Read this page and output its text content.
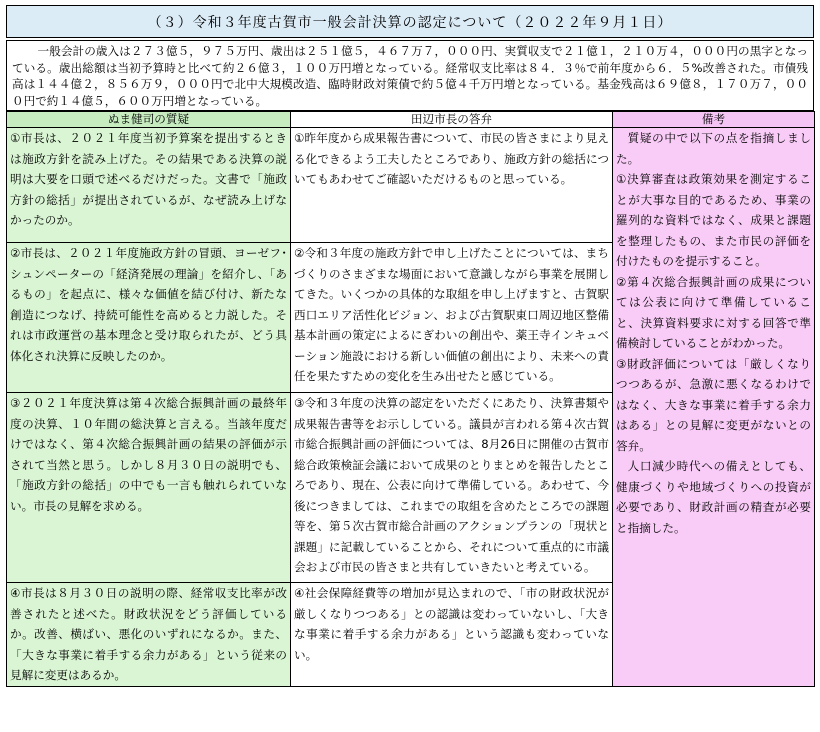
（３）令和３年度古賀市一般会計決算の認定について（２０２２年９月１日）
一般会計の歳入は２７３億５，９７５万円、歳出は２５１億５，４６７万７，０００円、実質収支で２１億１，２１０万４，０００円の黒字となっている。歳出総額は当初予算時と比べて約２６億３，１００万円増となっている。経常収支比率は８４．３％で前年度から６．５%改善された。市債残高は１４４億２，８５６万９，０００円で北中大規模改造、臨時財政対策債で約５億４千万円増となっている。基金残高は６９億８，１７０万７，０００円で約１４億５，６００万円増となっている。
ぬま健司の質疑	田辺市長の答弁	備考
①市長は、２０２１年度当初予算案を提出するときは施政方針を読み上げた。その結果である決算の説明は大要を口頭で述べるだけだった。文書で「施政方針の総括」が提出されているが、なぜ読み上げなかったのか。	①昨年度から成果報告書について、市民の皆さまにより見える化できるよう工夫したところであり、施政方針の総括についてもあわせてご確認いただけるものと思っている。	質疑の中で以下の点を指摘しました。

①決算審査は政策効果を測定することが大事な目的であるため、事業の羅列的な資料ではなく、成果と課題を整理したもの、また市民の評価を付けたものを提示すること。

②第４次総合振興計画の成果については公表に向けて準備していること、決算資料要求に対する回答で準備検討していることがわかった。

③財政評価については「厳しくなりつつあるが、急激に悪くなるわけではなく、大きな事業に着手する余力はある」との見解に変更がないとの答弁。

人口減少時代への備えとしても、健康づくりや地域づくりへの投資が必要であり、財政計画の精査が必要と指摘した。

②市長は、２０２１年度施政方針の冒頭、ヨーゼフ･シュンペーターの「経済発展の理論」を紹介し、「あるもの」を起点に、様々な価値を結び付け、新たな創造につなげ、持続可能性を高めると力説した。それは市政運営の基本理念と受け取られたが、どう具体化され決算に反映したのか。	②令和３年度の施政方針で申し上げたことについては、まちづくりのさまざまな場面において意識しながら事業を展開してきた。いくつかの具体的な取組を申し上げますと、古賀駅西口エリア活性化ビジョン、および古賀駅東口周辺地区整備基本計画の策定によるにぎわいの創出や、薬王寺インキュベーション施設における新しい価値の創出により、未来への責任を果たすための変化を生み出せたと感じている。	
③２０２１年度決算は第４次総合振興計画の最終年度の決算、１０年間の総決算と言える。当該年度だけではなく、第４次総合振興計画の結果の評価が示されて当然と思う。しかし８月３０日の説明でも、「施政方針の総括」の中でも一言も触れられていない。市長の見解を求める。	③令和３年度の決算の認定をいただくにあたり、決算書類や成果報告書等をお示ししている。議員が言われる第４次古賀市総合振興計画の評価については、8月26日に開催の古賀市総合政策検証会議において成果のとりまとめを報告したところであり、現在、公表に向けて準備している。あわせて、今後につきましては、これまでの取組を含めたところでの課題等を、第５次古賀市総合計画のアクションプランの「現状と課題」に記載していることから、それについて重点的に市議会および市民の皆さまと共有していきたいと考えている。	
④市長は８月３０日の説明の際、経常収支比率が改善されたと述べた。財政状況をどう評価しているか。改善、横ばい、悪化のいずれになるか。また、「大きな事業に着手する余力がある」という従来の見解に変更はあるか。	④社会保障経費等の増加が見込まれので、「市の財政状況が厳しくなりつつある」との認識は変わっていないし、「大きな事業に着手する余力がある」という認識も変わっていない。	
